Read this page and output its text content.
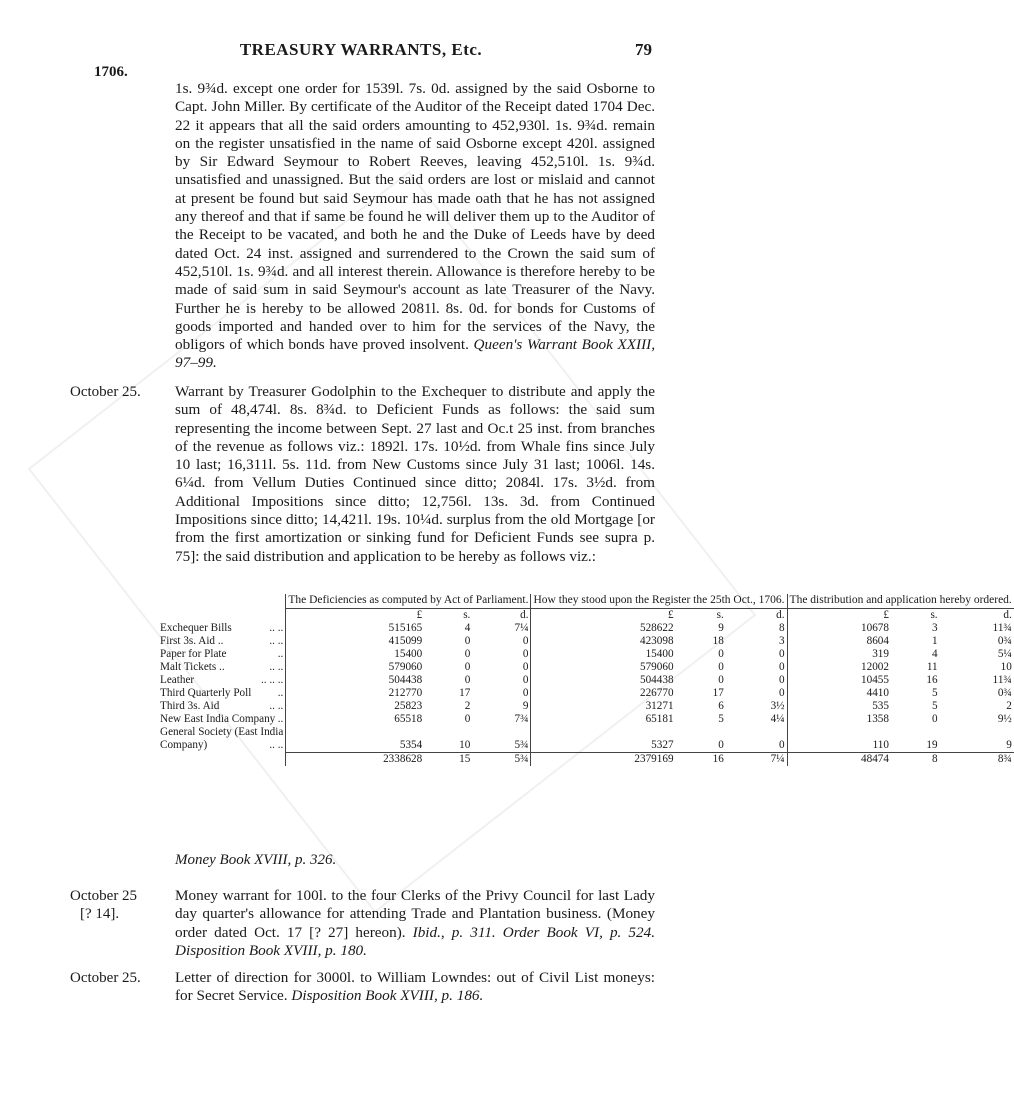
TREASURY WARRANTS, Etc.	79
1706.
1s. 9¾d. except one order for 1539l. 7s. 0d. assigned by the said Osborne to Capt. John Miller. By certificate of the Auditor of the Receipt dated 1704 Dec. 22 it appears that all the said orders amounting to 452,930l. 1s. 9¾d. remain on the register unsatisfied in the name of said Osborne except 420l. assigned by Sir Edward Seymour to Robert Reeves, leaving 452,510l. 1s. 9¾d. unsatisfied and unassigned. But the said orders are lost or mislaid and cannot at present be found but said Seymour has made oath that he has not assigned any thereof and that if same be found he will deliver them up to the Auditor of the Receipt to be vacated, and both he and the Duke of Leeds have by deed dated Oct. 24 inst. assigned and surrendered to the Crown the said sum of 452,510l. 1s. 9¾d. and all interest therein. Allowance is therefore hereby to be made of said sum in said Seymour's account as late Treasurer of the Navy. Further he is hereby to be allowed 2081l. 8s. 0d. for bonds for Customs of goods imported and handed over to him for the services of the Navy, the obligors of which bonds have proved insolvent. Queen's Warrant Book XXIII, 97–99.
October 25.	Warrant by Treasurer Godolphin to the Exchequer to distribute and apply the sum of 48,474l. 8s. 8¾d. to Deficient Funds as follows: the said sum representing the income between Sept. 27 last and Oc.t 25 inst. from branches of the revenue as follows viz.: 1892l. 17s. 10½d. from Whale fins since July 10 last; 16,311l. 5s. 11d. from New Customs since July 31 last; 1006l. 14s. 6¼d. from Vellum Duties Continued since ditto; 2084l. 17s. 3½d. from Additional Impositions since ditto; 12,756l. 13s. 3d. from Continued Impositions since ditto; 14,421l. 19s. 10¼d. surplus from the old Mortgage [or from the first amortization or sinking fund for Deficient Funds see supra p. 75]: the said distribution and application to be hereby as follows viz.:
	The Deficiencies as computed by Act of Parliament.			How they stood upon the Register the 25th Oct., 1706.			The distribution and application hereby ordered.		
	£	s.	d.	£	s.	d.	£	s.	d.
Exchequer Bills .. ..	515165	4	7¼	528622	9	8	10678	3	11¾
First 3s. Aid .. .. ..	415099	0	0	423098	18	3	8604	1	0¾
Paper for Plate ..	15400	0	0	15400	0	0	319	4	5¼
Malt Tickets .. .. ..	579060	0	0	579060	0	0	12002	11	10
Leather .. .. ..	504438	0	0	504438	0	0	10455	16	11¾
Third Quarterly Poll ..	212770	17	0	226770	17	0	4410	5	0¾
Third 3s. Aid .. ..	25823	2	9	31271	6	3½	535	5	2
New East India Company ..	65518	0	7¾	65181	5	4¼	1358	0	9½
General Society (East India

Company) .. ..	5354	10	5¾	5327	0	0	110	19	9
	2338628	15	5¾	2379169	16	7¼	48474	8	8¾
Money Book XVIII, p. 326.
October 25
[? 14].
Money warrant for 100l. to the four Clerks of the Privy Council for last Lady day quarter's allowance for attending Trade and Plantation business. (Money order dated Oct. 17 [? 27] hereon). Ibid., p. 311. Order Book VI, p. 524. Disposition Book XVIII, p. 180.
October 25.	Letter of direction for 3000l. to William Lowndes: out of Civil List moneys: for Secret Service. Disposition Book XVIII, p. 186.
